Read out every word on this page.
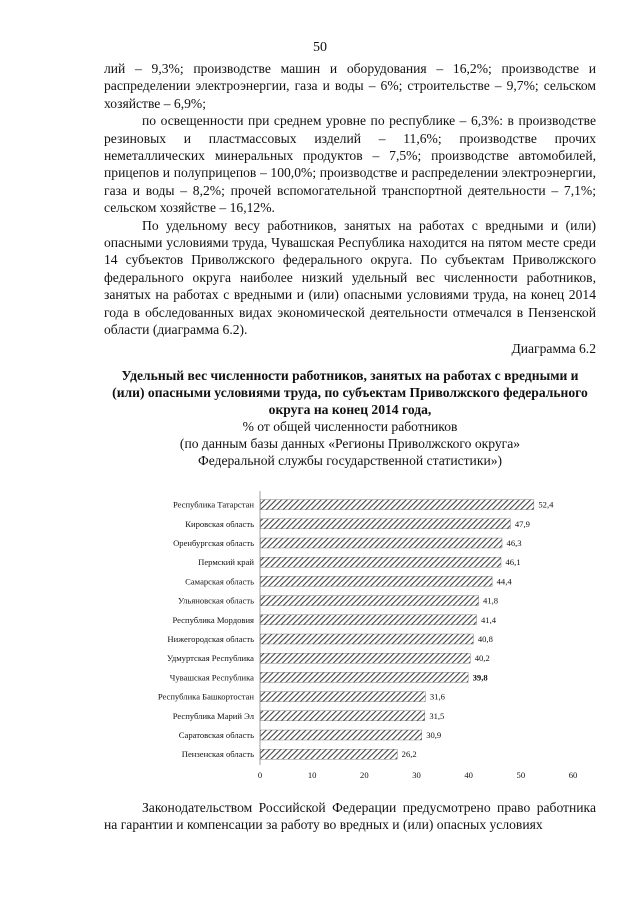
50

лий – 9,3%; производстве машин и оборудования – 16,2%; производстве и распределении электроэнергии, газа и воды – 6%; строительстве – 9,7%; сельском хозяйстве – 6,9%;

по освещенности при среднем уровне по республике – 6,3%: в производстве резиновых и пластмассовых изделий – 11,6%; производстве прочих неметаллических минеральных продуктов – 7,5%; производстве автомобилей, прицепов и полуприцепов – 100,0%; производстве и распределении электроэнергии, газа и воды – 8,2%; прочей вспомогательной транспортной деятельности – 7,1%; сельском хозяйстве – 16,12%.

По удельному весу работников, занятых на работах с вредными и (или) опасными условиями труда, Чувашская Республика находится на пятом месте среди 14 субъектов Приволжского федерального округа. По субъектам Приволжского федерального округа наиболее низкий удельный вес численности работников, занятых на работах с вредными и (или) опасными условиями труда, на конец 2014 года в обследованных видах экономической деятельности отмечался в Пензенской области (диаграмма 6.2).

Диаграмма 6.2
Удельный вес численности работников, занятых на работах с вредными и (или) опасными условиями труда, по субъектам Приволжского федерального округа на конец 2014 года,
% от общей численности работников
(по данным базы данных «Регионы Приволжского округа»
Федеральной службы государственной статистики»)
Республика Татарстан	52,4
Кировская область	47,9
Оренбургская область	46,3
Пермский край	46,1
Самарская область	44,4
Ульяновская область	41,8
Республика Мордовия	41,4
Нижегородская область	40,8
Удмуртская Республика	40,2
Чувашская Республика	39,8
Республика Башкортостан	31,6
Республика Марий Эл	31,5
Саратовская область	30,9
Пензенская область	26,2
0	10	20	30	40	50	60

Законодательством Российской Федерации предусмотрено право работника на гарантии и компенсации за работу во вредных и (или) опасных условиях
